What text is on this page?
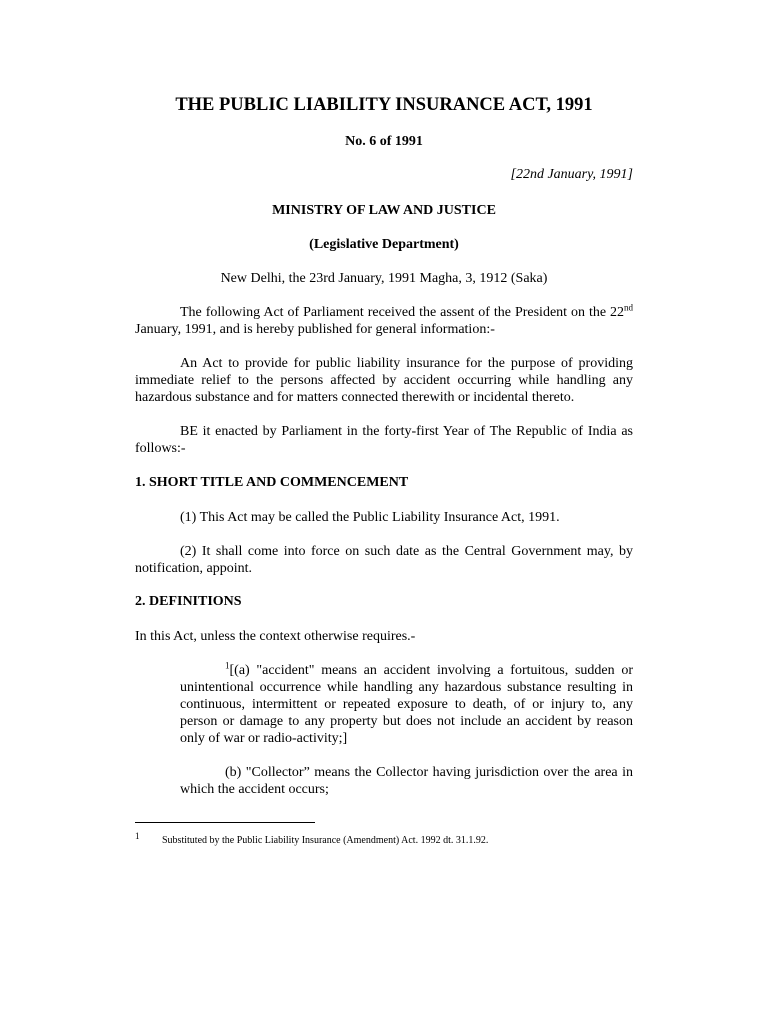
THE PUBLIC LIABILITY INSURANCE ACT, 1991
No. 6 of 1991
[22nd January, 1991]
MINISTRY OF LAW AND JUSTICE
(Legislative Department)
New Delhi, the 23rd January, 1991 Magha, 3, 1912 (Saka)
The following Act of Parliament received the assent of the President on the 22nd January, 1991, and is hereby published for general information:-
An Act to provide for public liability insurance for the purpose of providing immediate relief to the persons affected by accident occurring while handling any hazardous substance and for matters connected therewith or incidental thereto.
BE it enacted by Parliament in the forty-first Year of The Republic of India as follows:-
1. SHORT TITLE AND COMMENCEMENT
(1) This Act may be called the Public Liability Insurance Act, 1991.
(2) It shall come into force on such date as the Central Government may, by notification, appoint.
2. DEFINITIONS
In this Act, unless the context otherwise requires.-
$^1$[(a) "accident" means an accident involving a fortuitous, sudden or unintentional occurrence while handling any hazardous substance resulting in continuous, intermittent or repeated exposure to death, of or injury to, any person or damage to any property but does not include an accident by reason only of war or radio-activity;]
(b) "Collector” means the Collector having jurisdiction over the area in which the accident occurs;
1 Substituted by the Public Liability Insurance (Amendment) Act. 1992 dt. 31.1.92.
